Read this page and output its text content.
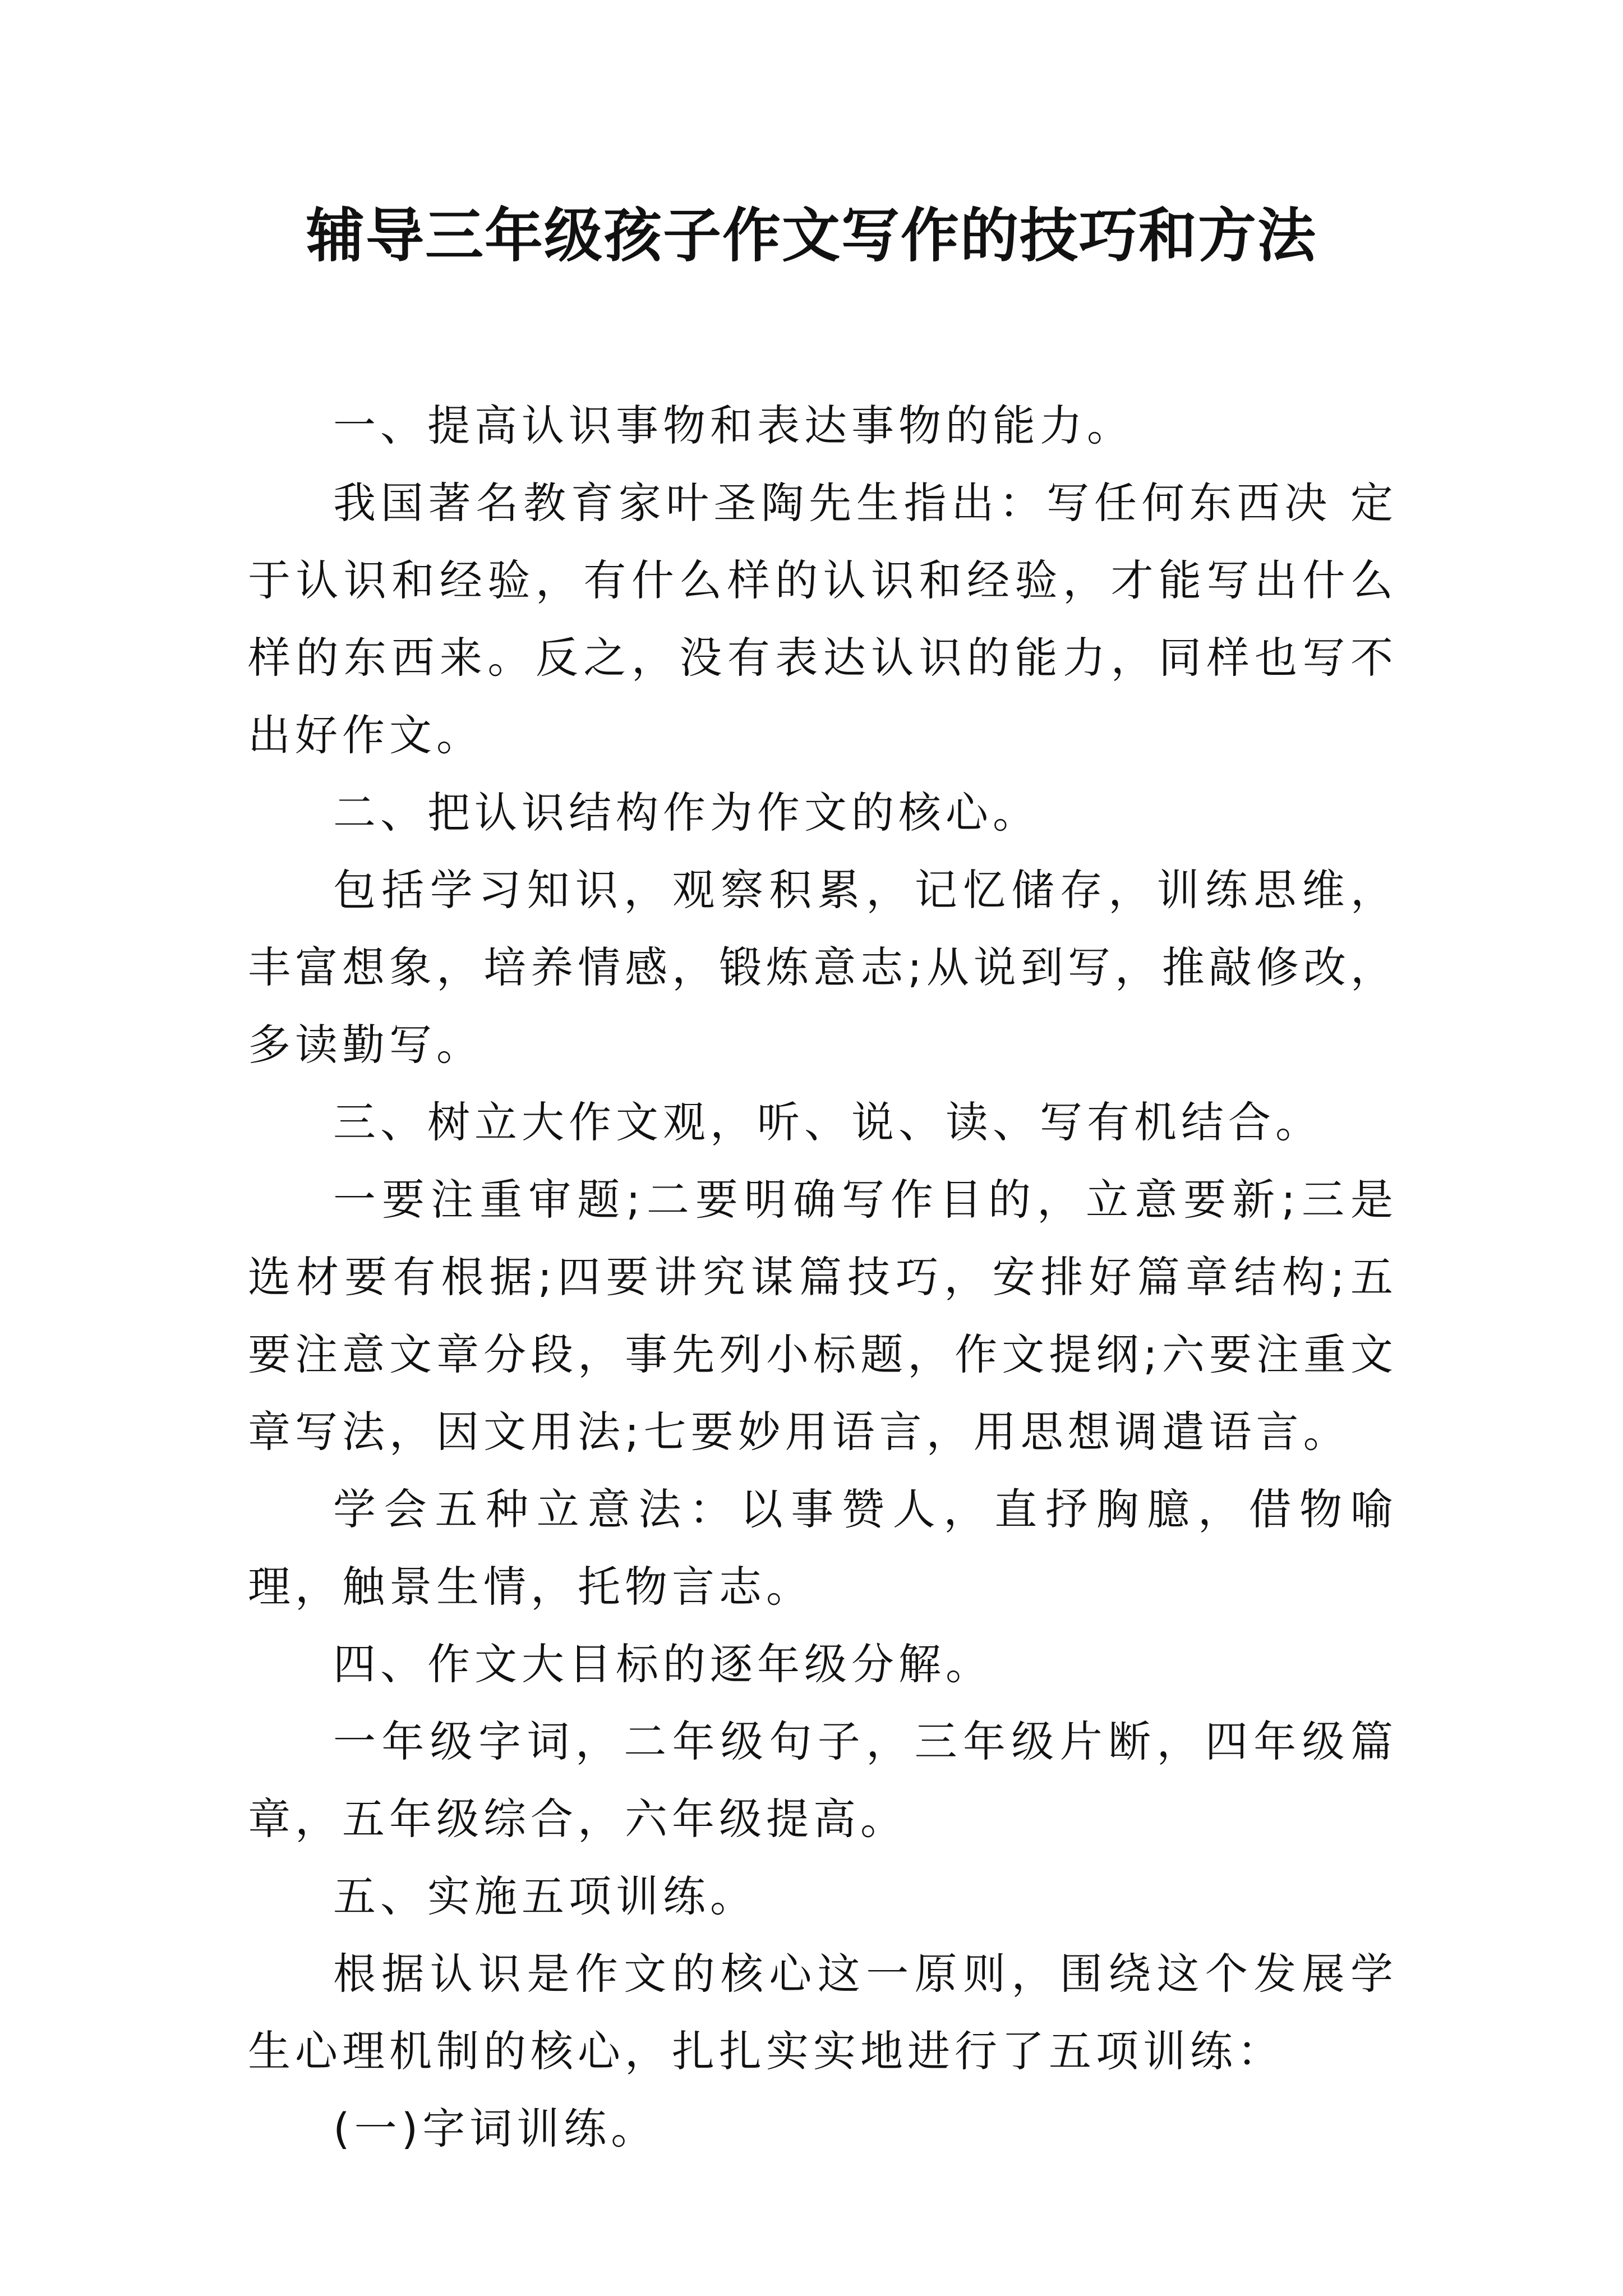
辅导三年级孩子作文写作的技巧和方法

一、提高认识事物和表达事物的能力。

我国著名教育家叶圣陶先生指出：写任何东西决 定于认识和经验，有什么样的认识和经验，才能写出什么样的东西来。反之，没有表达认识的能力，同样也写不出好作文。

二、把认识结构作为作文的核心。

包括学习知识，观察积累，记忆储存，训练思维，丰富想象，培养情感，锻炼意志;从说到写，推敲修改，多读勤写。

三、树立大作文观，听、说、读、写有机结合。

一要注重审题;二要明确写作目的，立意要新;三是选材要有根据;四要讲究谋篇技巧，安排好篇章结构;五要注意文章分段，事先列小标题，作文提纲;六要注重文章写法，因文用法;七要妙用语言，用思想调遣语言。

学会五种立意法：以事赞人，直抒胸臆，借物喻理，触景生情，托物言志。

四、作文大目标的逐年级分解。

一年级字词，二年级句子，三年级片断，四年级篇章，五年级综合，六年级提高。

五、实施五项训练。

根据认识是作文的核心这一原则，围绕这个发展学生心理机制的核心，扎扎实实地进行了五项训练：

(一)字词训练。
